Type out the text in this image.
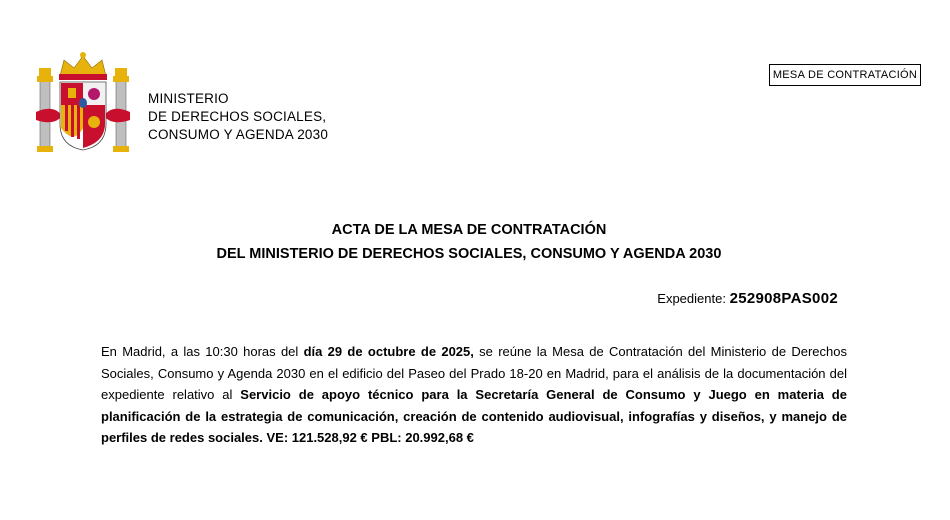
MINISTERIO
DE DERECHOS SOCIALES,
CONSUMO Y AGENDA 2030
MESA DE CONTRATACIÓN
ACTA DE LA MESA DE CONTRATACIÓN
DEL MINISTERIO DE DERECHOS SOCIALES, CONSUMO Y AGENDA 2030
Expediente: 252908PAS002
En Madrid, a las 10:30 horas del día 29 de octubre de 2025, se reúne la Mesa de Contratación del Ministerio de Derechos Sociales, Consumo y Agenda 2030 en el edificio del Paseo del Prado 18-20 en Madrid, para el análisis de la documentación del expediente relativo al Servicio de apoyo técnico para la Secretaría General de Consumo y Juego en materia de planificación de la estrategia de comunicación, creación de contenido audiovisual, infografías y diseños, y manejo de perfiles de redes sociales. VE: 121.528,92 € PBL: 20.992,68 €
